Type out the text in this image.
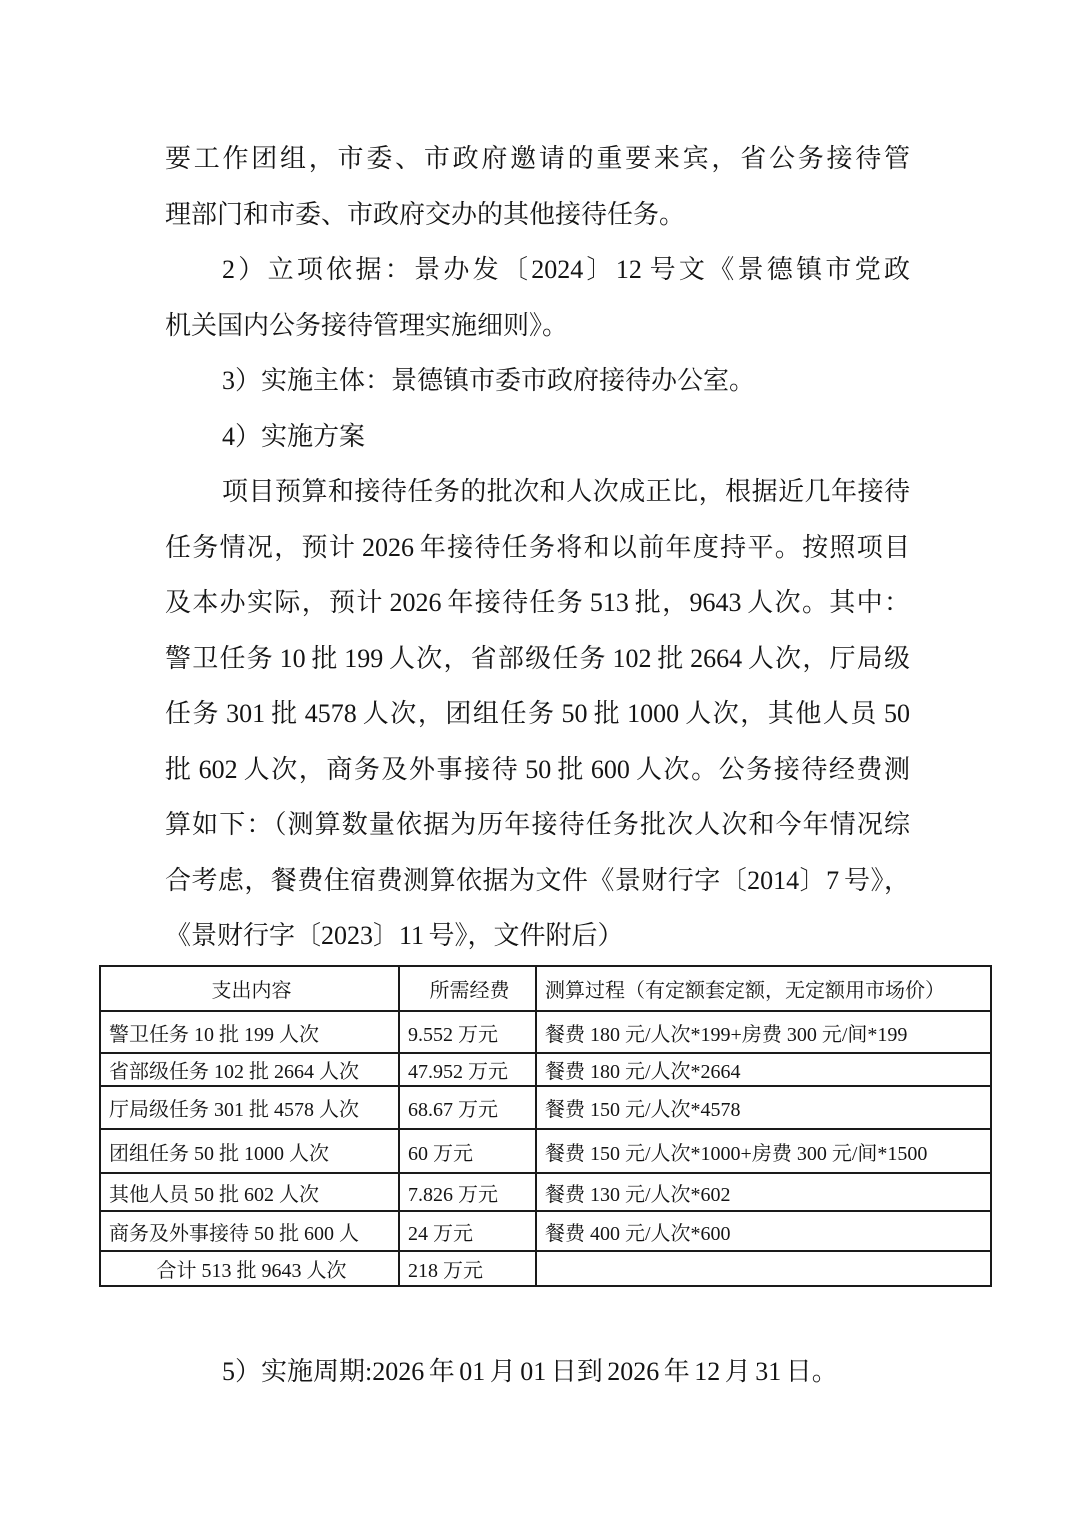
要工作团组，市委、市政府邀请的重要来宾，省公务接待管
理部门和市委、市政府交办的其他接待任务。
2）立项依据：景办发〔2024〕12 号文《景德镇市党政
机关国内公务接待管理实施细则》。
3）实施主体：景德镇市委市政府接待办公室。
4）实施方案
项目预算和接待任务的批次和人次成正比，根据近几年接待
任务情况，预计 2026 年接待任务将和以前年度持平。按照项目
及本办实际，预计 2026 年接待任务 513 批，9643 人次。其中：
警卫任务 10 批 199 人次，省部级任务 102 批 2664 人次，厅局级
任务 301 批 4578 人次，团组任务 50 批 1000 人次，其他人员 50
批 602 人次，商务及外事接待 50 批 600 人次。公务接待经费测
算如下：（测算数量依据为历年接待任务批次人次和今年情况综
合考虑，餐费住宿费测算依据为文件《景财行字〔2014〕7 号》，
《景财行字〔2023〕11 号》，文件附后）
支出内容	所需经费	测算过程（有定额套定额，无定额用市场价）
警卫任务 10 批 199 人次	9.552 万元	餐费 180 元/人次*199+房费 300 元/间*199
省部级任务 102 批 2664 人次	47.952 万元	餐费 180 元/人次*2664
厅局级任务 301 批 4578 人次	68.67 万元	餐费 150 元/人次*4578
团组任务 50 批 1000 人次	60 万元	餐费 150 元/人次*1000+房费 300 元/间*1500
其他人员 50 批 602 人次	7.826 万元	餐费 130 元/人次*602
商务及外事接待 50 批 600 人	24 万元	餐费 400 元/人次*600
合计 513 批 9643 人次	218 万元	
5）实施周期:2026 年 01 月 01 日到 2026 年 12 月 31 日。
